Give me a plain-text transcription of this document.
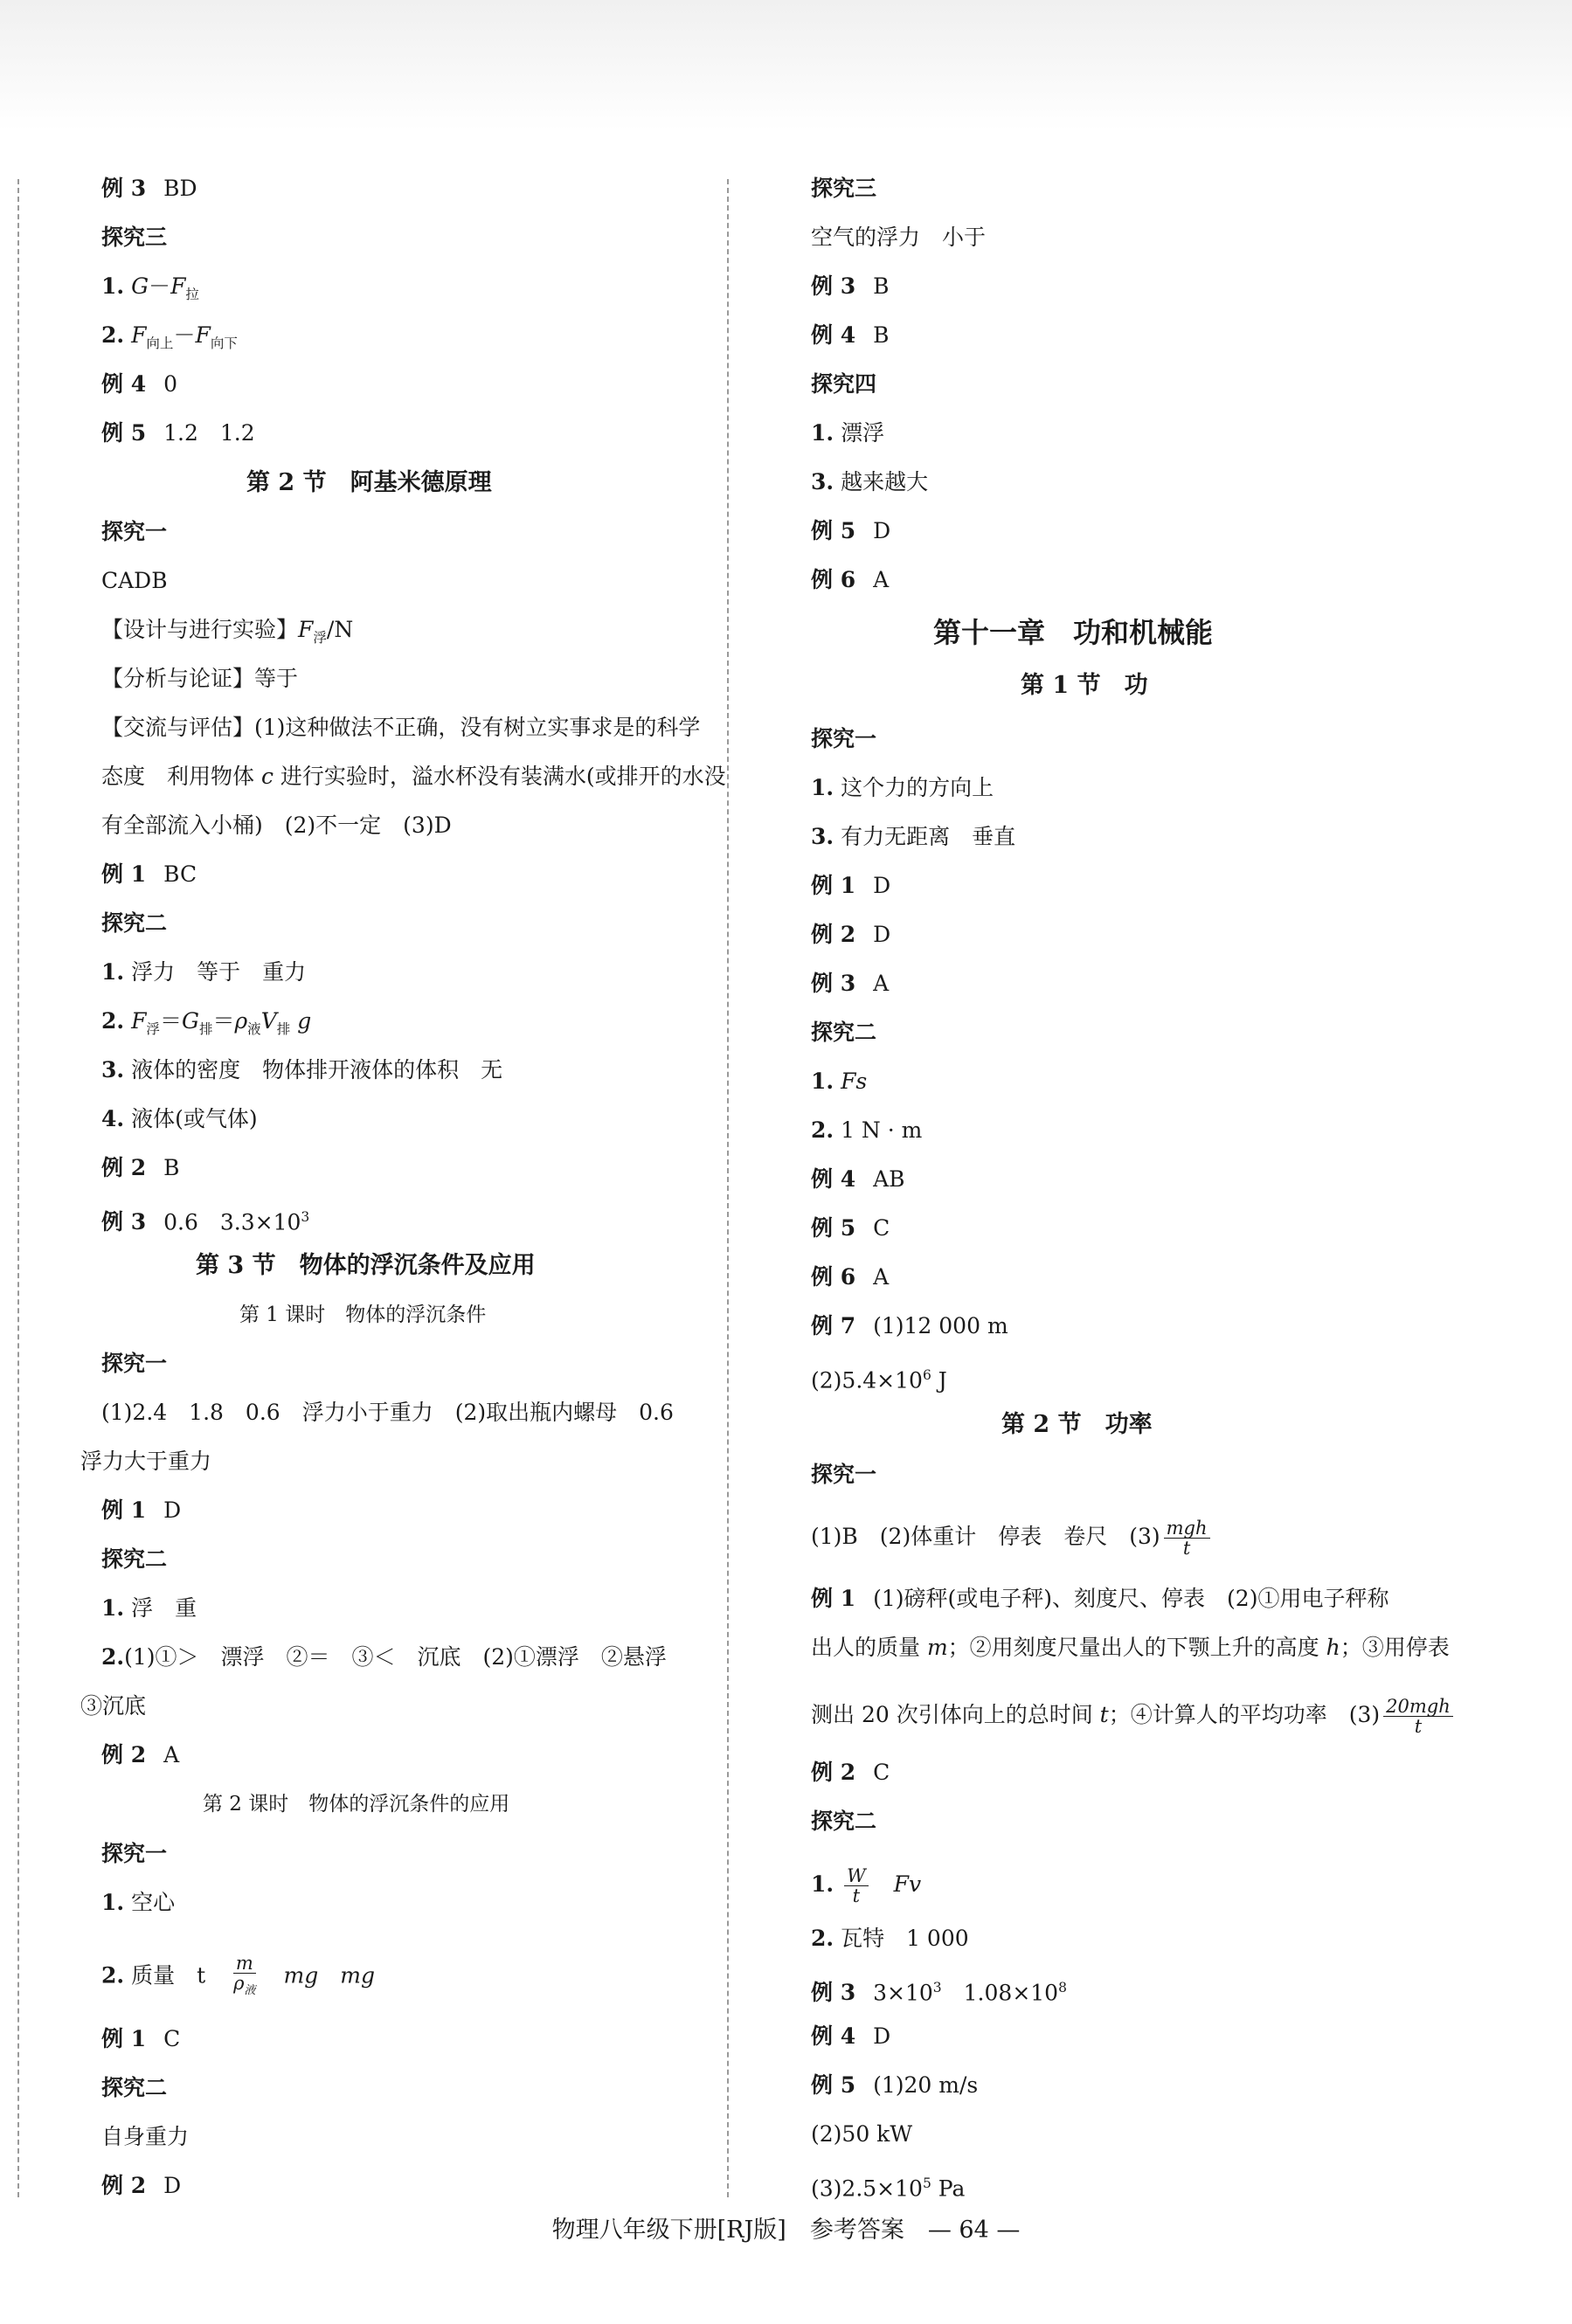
例 3 BD
探究三
1. $G-F_拉$
2. $F_{向上}-F_{向下}$
例 4 0
例 5 1.2　1.2
第 2 节　阿基米德原理
探究一
CADB
【设计与进行实验】$F_浮/N$
【分析与论证】等于
【交流与评估】(1)这种做法不正确，没有树立实事求是的科学
态度　利用物体 c 进行实验时，溢水杯没有装满水(或排开的水没
有全部流入小桶)　(2)不一定　(3)D
例 1 BC
探究二
1. 浮力　等于　重力
2. $F_浮=G_排=\rho_液V_排$ g
3. 液体的密度　物体排开液体的体积　无
4. 液体(或气体)
例 2 B
例 3 0.6　$3.3\times 10^3$
第 3 节　物体的浮沉条件及应用
第 1 课时　物体的浮沉条件
探究一
(1)2.4　1.8　0.6　浮力小于重力　(2)取出瓶内螺母　0.6
浮力大于重力
例 1 D
探究二
1. 浮　重
2.(1)①＞　漂浮　②＝　③＜　沉底　(2)①漂浮　②悬浮
③沉底
例 2 A
第 2 课时　物体的浮沉条件的应用
探究一
1. 空心
2. 质量　t　 $\frac{m}{\rho_液}$
　 mg　 mg
例 1 C
探究二
自身重力
例 2 D
探究三
空气的浮力　小于
例 3 B
例 4 B
探究四
1. 漂浮
3. 越来越大
例 5 D
例 6 A
第十一章　功和机械能
第 1 节　功
探究一
1. 这个力的方向上
3. 有力无距离　垂直
例 1 D
例 2 D
例 3 A
探究二
1. Fs
2. 1 N · m
例 4 AB
例 5 C
例 6 A
例 7 (1)12 000 m
$(2)5.4\times 10^6$ J
第 2 节　功率
探究一
(1)B　(2)体重计　停表　卷尺　$(3) \frac{\text{mgh}}{t}$
例 1 (1)磅秤(或电子秤)、刻度尺、停表　(2)①用电子秤称
出人的质量 m；②用刻度尺量出人的下颚上升的高度 h；③用停表
测出 20 次引体向上的总时间 t；④计算人的平均功率　$(3) \frac{\text{20mgh}}{t}$
例 2 C
探究二
1. $\frac{W}{t}$
　 Fv
2. 瓦特　1 000
例 3 $3\times 10^3$　$1.08\times 10^8$
例 4 D
例 5 (1)20 m/s
(2)50 kW
$(3)2.5\times 10^5$ Pa
物理八年级下册[RJ版]　参考答案　— 64 —
